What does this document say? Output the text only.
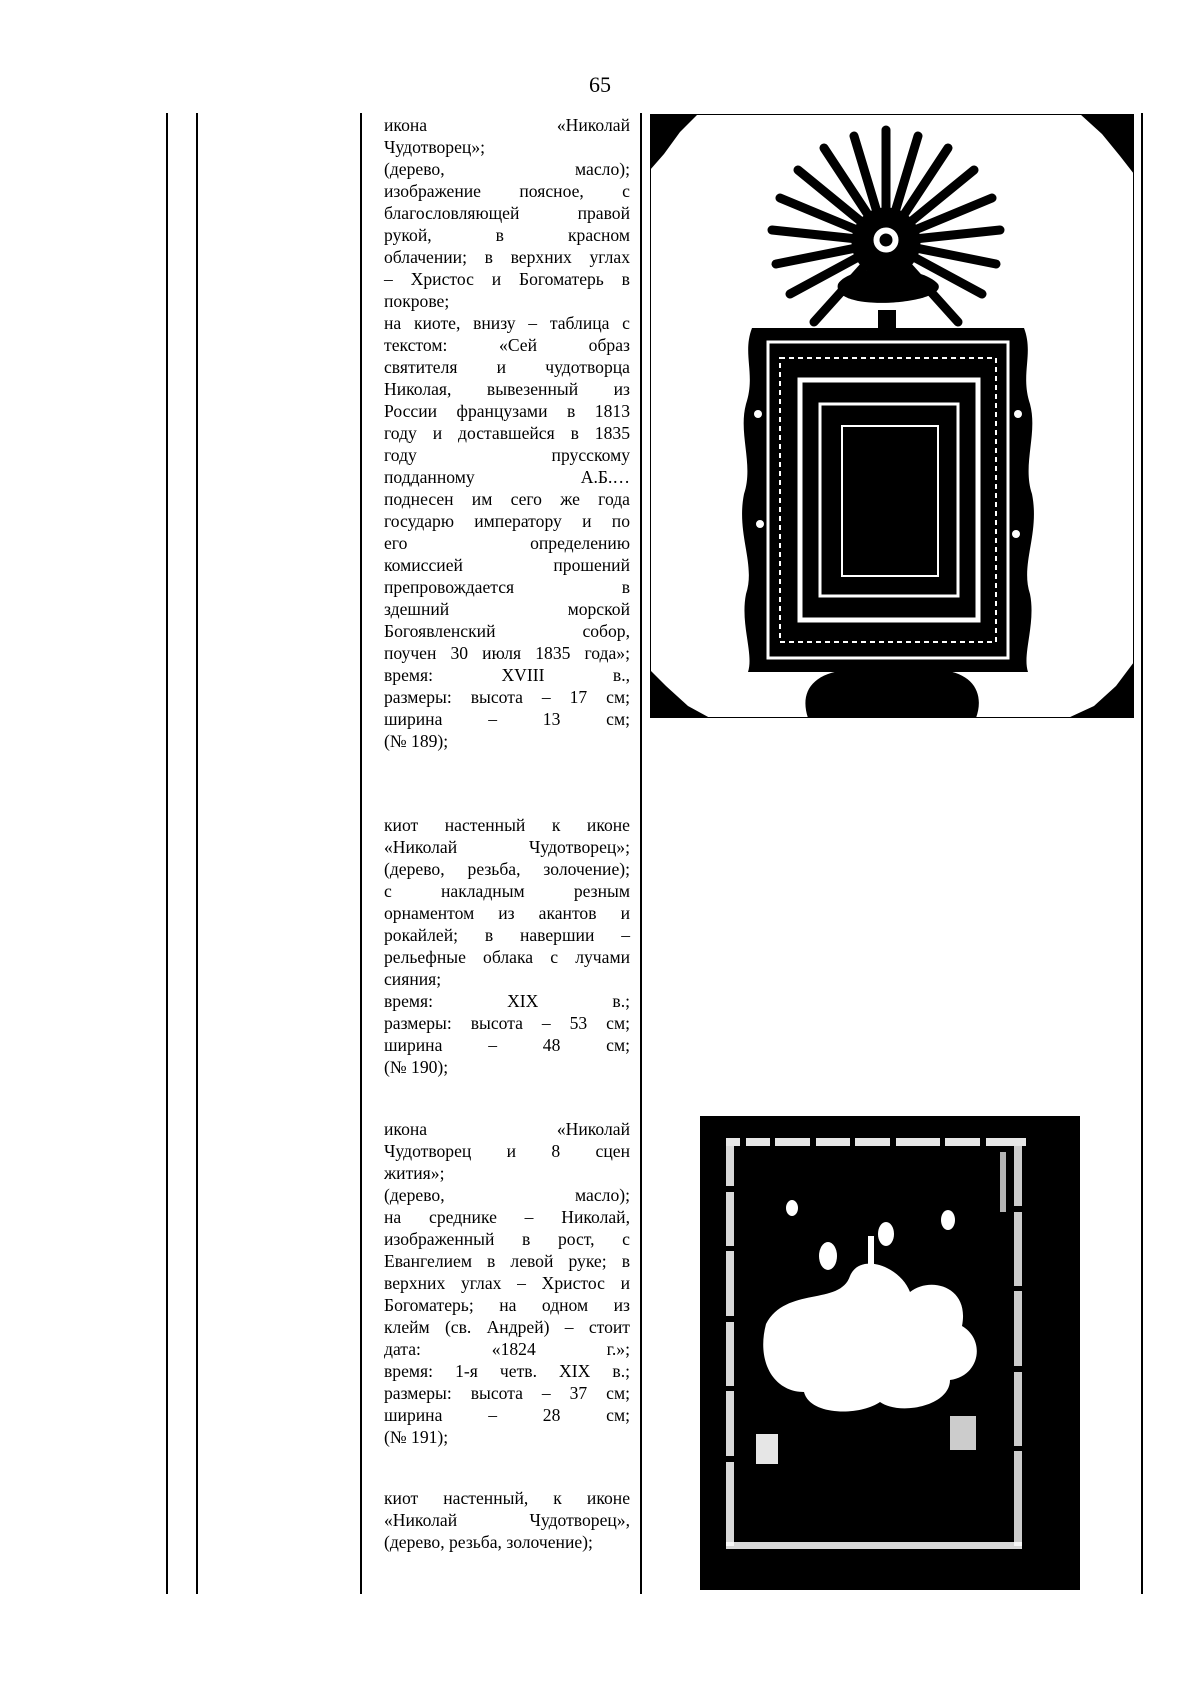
65
икона «Николай
Чудотворец»;
(дерево, масло);
изображение поясное, с
благословляющей правой
рукой, в красном
облачении; в верхних углах
– Христос и Богоматерь в
покрове;
на киоте, внизу – таблица с
текстом: «Сей образ
святителя и чудотворца
Николая, вывезенный из
России французами в 1813
году и доставшейся в 1835
году прусскому
подданному А.Б.…
поднесен им сего же года
государю императору и по
его определению
комиссией прошений
препровождается в
здешний морской
Богоявленский собор,
поучен 30 июля 1835 года»;
время: XVIII в.,
размеры: высота – 17 см;
ширина – 13 см;
(№ 189);
киот настенный к иконе
«Николай Чудотворец»;
(дерево, резьба, золочение);
с накладным резным
орнаментом из акантов и
рокайлей; в навершии –
рельефные облака с лучами
сияния;
время: XIX в.;
размеры: высота – 53 см;
ширина – 48 см;
(№ 190);
икона «Николай
Чудотворец и 8 сцен
жития»;
(дерево, масло);
на среднике – Николай,
изображенный в рост, с
Евангелием в левой руке; в
верхних углах – Христос и
Богоматерь; на одном из
клейм (св. Андрей) – стоит
дата: «1824 г.»;
время: 1-я четв. XIX в.;
размеры: высота – 37 см;
ширина – 28 см;
(№ 191);
киот настенный, к иконе
«Николай Чудотворец»,
(дерево, резьба, золочение);
